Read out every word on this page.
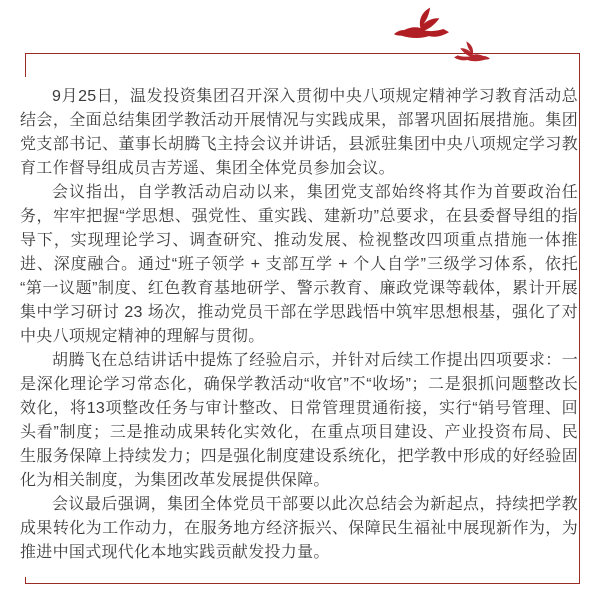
9月25日，温发投资集团召开深入贯彻中央八项规定精神学习教育活动总结会，全面总结集团学教活动开展情况与实践成果，部署巩固拓展措施。集团党支部书记、董事长胡腾飞主持会议并讲话，县派驻集团中央八项规定学习教育工作督导组成员吉芳遥、集团全体党员参加会议。

会议指出，自学教活动启动以来，集团党支部始终将其作为首要政治任务，牢牢把握“学思想、强党性、重实践、建新功”总要求，在县委督导组的指导下，实现理论学习、调查研究、推动发展、检视整改四项重点措施一体推进、深度融合。通过“班子领学 + 支部互学 + 个人自学”三级学习体系，依托“第一议题”制度、红色教育基地研学、警示教育、廉政党课等载体，累计开展集中学习研讨 23 场次，推动党员干部在学思践悟中筑牢思想根基，强化了对中央八项规定精神的理解与贯彻。

胡腾飞在总结讲话中提炼了经验启示，并针对后续工作提出四项要求：一是深化理论学习常态化，确保学教活动“收官”不“收场”；二是狠抓问题整改长效化，将13项整改任务与审计整改、日常管理贯通衔接，实行“销号管理、回头看”制度；三是推动成果转化实效化，在重点项目建设、产业投资布局、民生服务保障上持续发力；四是强化制度建设系统化，把学教中形成的好经验固化为相关制度，为集团改革发展提供保障。

会议最后强调，集团全体党员干部要以此次总结会为新起点，持续把学教成果转化为工作动力，在服务地方经济振兴、保障民生福祉中展现新作为，为推进中国式现代化本地实践贡献发投力量。
